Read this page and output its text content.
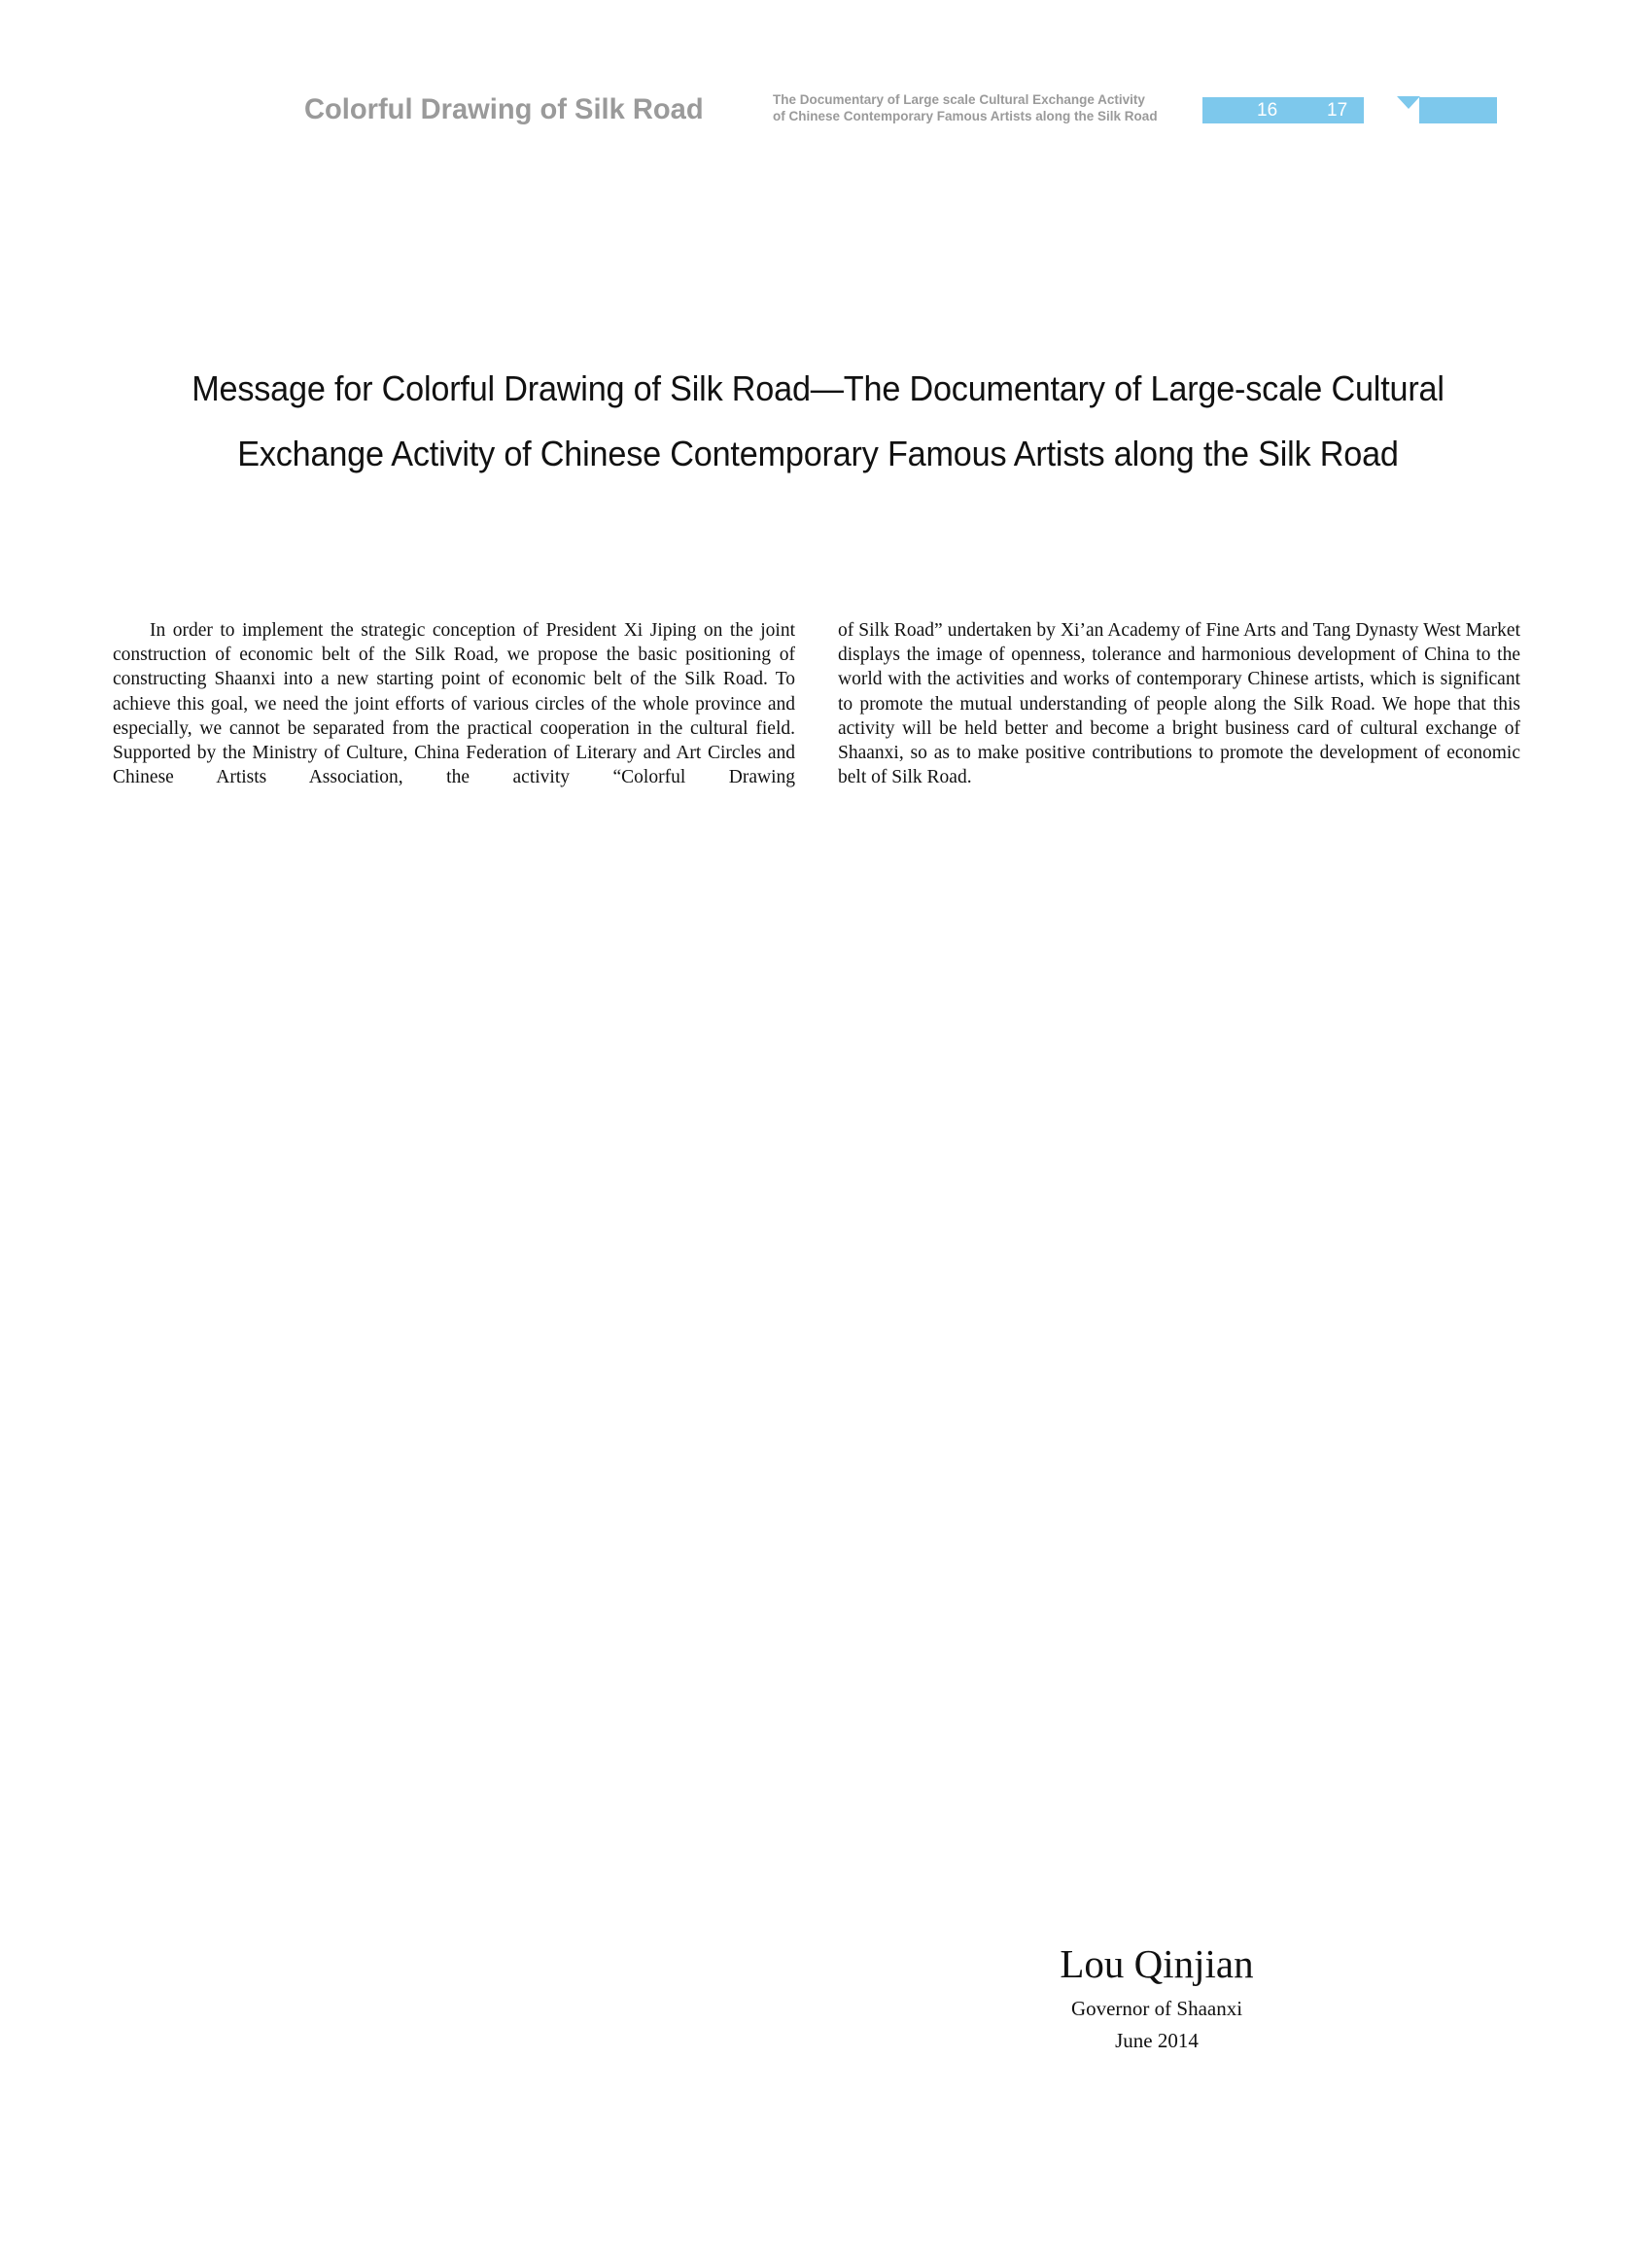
Colorful Drawing of Silk Road	The Documentary of Large scale Cultural Exchange Activity
of Chinese Contemporary Famous Artists along the Silk Road	16	17
Message for Colorful Drawing of Silk Road—The Documentary of Large-scale Cultural
Exchange Activity of Chinese Contemporary Famous Artists along the Silk Road
In order to implement the strategic conception of President Xi Jiping on the joint construction of economic belt of the Silk Road, we propose the basic positioning of constructing Shaanxi into a new starting point of economic belt of the Silk Road. To achieve this goal, we need the joint efforts of various circles of the whole province and especially, we cannot be separated from the practical cooperation in the cultural field. Supported by the Ministry of Culture, China Federation of Literary and Art Circles and Chinese Artists Association, the activity “Colorful Drawing
of Silk Road” undertaken by Xi’an Academy of Fine Arts and Tang Dynasty West Market displays the image of openness, tolerance and harmonious development of China to the world with the activities and works of contemporary Chinese artists, which is significant to promote the mutual understanding of people along the Silk Road. We hope that this activity will be held better and become a bright business card of cultural exchange of Shaanxi, so as to make positive contributions to promote the development of economic belt of Silk Road.
Lou Qinjian
Governor of Shaanxi
June 2014
